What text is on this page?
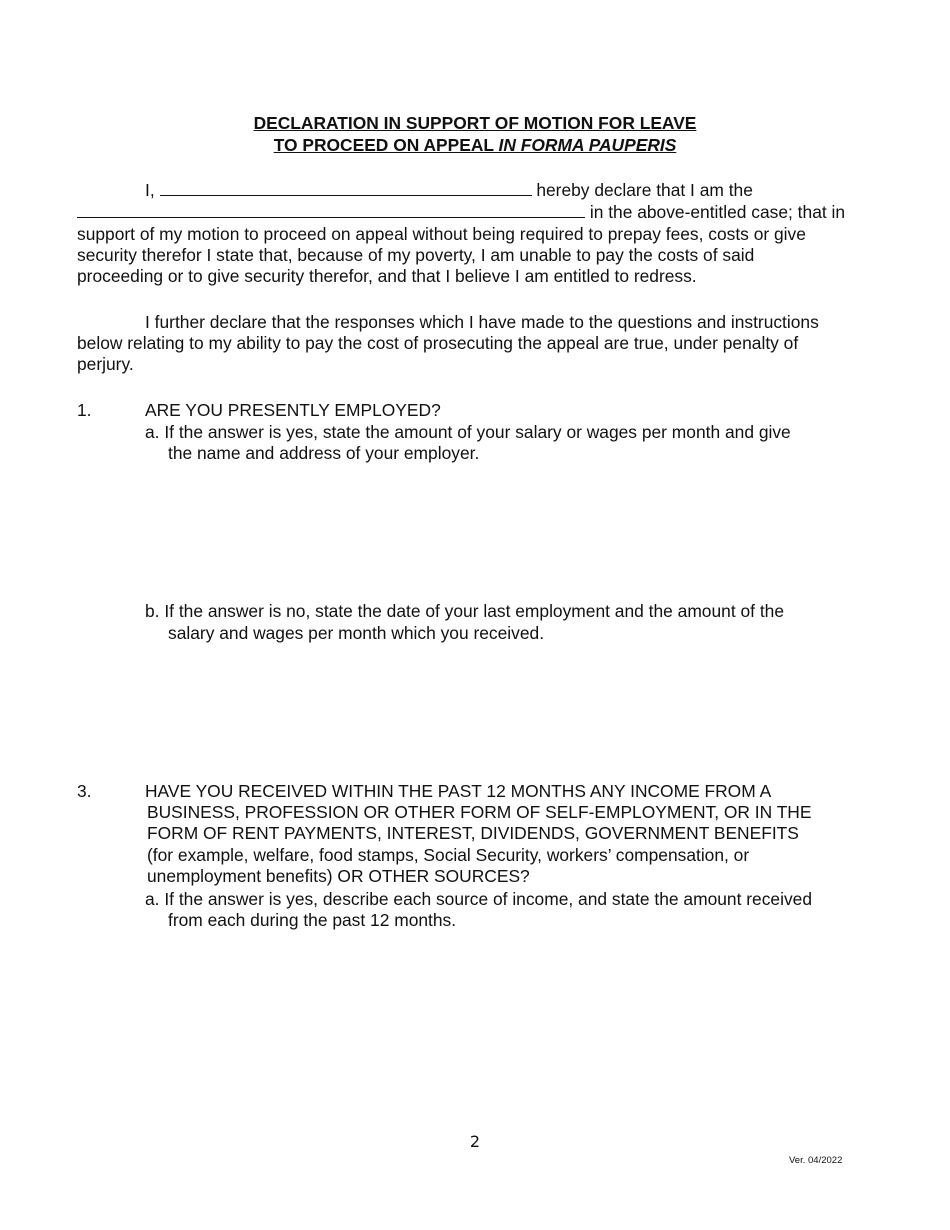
DECLARATION IN SUPPORT OF MOTION FOR LEAVE
TO PROCEED ON APPEAL IN FORMA PAUPERIS
I,	hereby declare that I am the
in the above-entitled case; that in
support of my motion to proceed on appeal without being required to prepay fees, costs or give
security therefor I state that, because of my poverty, I am unable to pay the costs of said
proceeding or to give security therefor, and that I believe I am entitled to redress.
I further declare that the responses which I have made to the questions and instructions
below relating to my ability to pay the cost of prosecuting the appeal are true, under penalty of
perjury.
1.	ARE YOU PRESENTLY EMPLOYED?
a. If the answer is yes, state the amount of your salary or wages per month and give
the name and address of your employer.
b. If the answer is no, state the date of your last employment and the amount of the
salary and wages per month which you received.
3.	HAVE YOU RECEIVED WITHIN THE PAST 12 MONTHS ANY INCOME FROM A
BUSINESS, PROFESSION OR OTHER FORM OF SELF-EMPLOYMENT, OR IN THE
FORM OF RENT PAYMENTS, INTEREST, DIVIDENDS, GOVERNMENT BENEFITS
(for example, welfare, food stamps, Social Security, workers’ compensation, or
unemployment benefits) OR OTHER SOURCES?
a. If the answer is yes, describe each source of income, and state the amount received
from each during the past 12 months.
2
Ver. 04/2022
